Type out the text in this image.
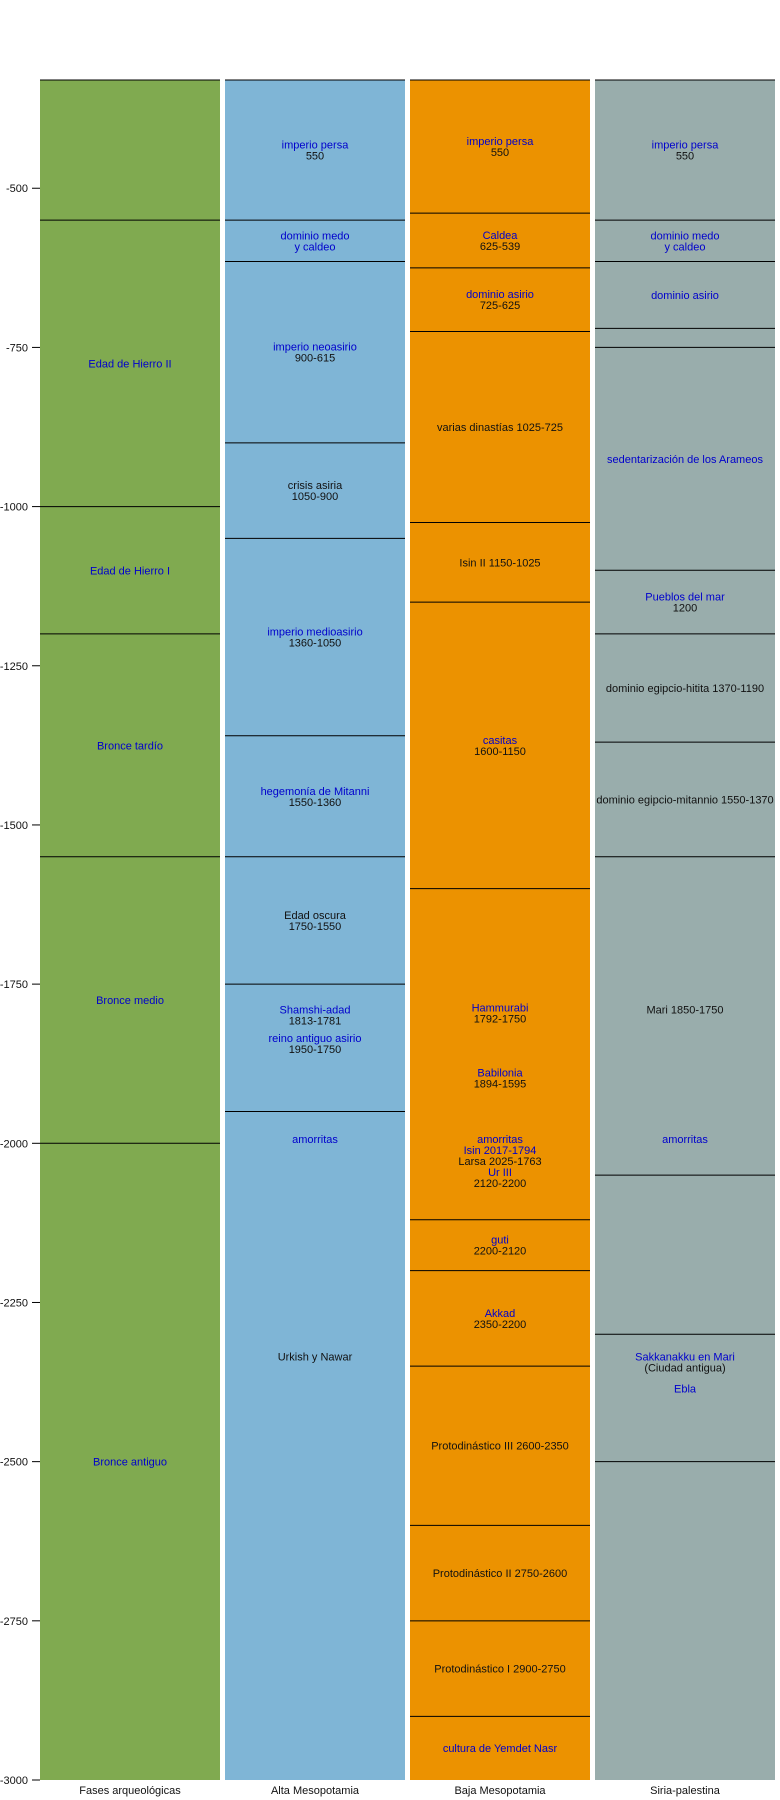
Edad de Hierro II
Edad de Hierro I
Bronce tardío
Bronce medio
Bronce antiguo
imperio persa
550
dominio medo
y caldeo
imperio neoasirio
900-615
crisis asiria
1050-900
imperio medioasirio
1360-1050
hegemonía de Mitanni
1550-1360
Edad oscura
1750-1550
Shamshi-adad
1813-1781
reino antiguo asirio
1950-1750
amorritas
Urkish y Nawar
imperio persa
550
Caldea
625-539
dominio asirio
725-625
varias dinastías 1025-725
Isin II 1150-1025
casitas
1600-1150
Hammurabi
1792-1750
Babilonia
1894-1595
amorritas
Isin 2017-1794
Larsa 2025-1763
Ur III
2120-2200
guti
2200-2120
Akkad
2350-2200
Protodinástico III 2600-2350
Protodinástico II 2750-2600
Protodinástico I 2900-2750
cultura de Yemdet Nasr
imperio persa
550
dominio medo
y caldeo
dominio asirio
sedentarización de los Arameos
Pueblos del mar
1200
dominio egipcio-hitita 1370-1190
dominio egipcio-mitannio 1550-1370
Mari 1850-1750
amorritas
Sakkanakku en Mari
(Ciudad antigua)
Ebla
-500
-750
-1000
-1250
-1500
-1750
-2000
-2250
-2500
-2750
-3000
Fases arqueológicas	Alta Mesopotamia	Baja Mesopotamia	Siria-palestina
